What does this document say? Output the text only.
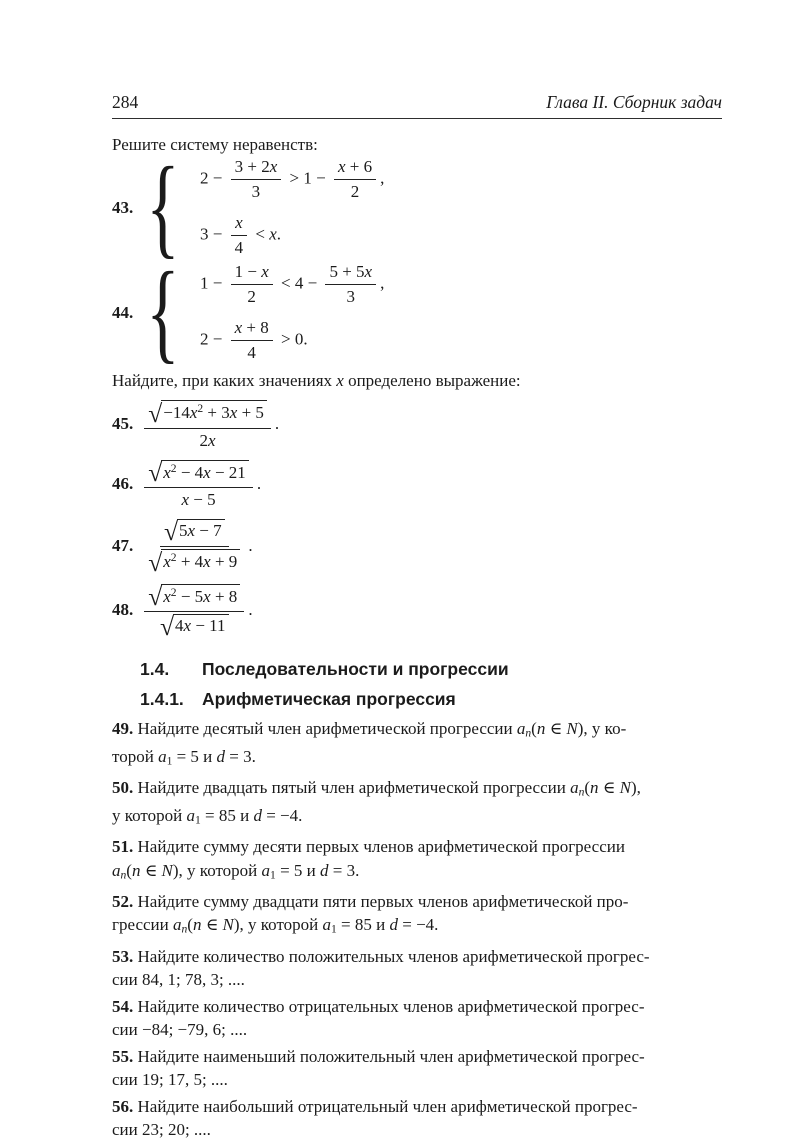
284	Глава II. Сборник задач

Решите систему неравенств:

43. { $2 - \frac{3 + 2x}{3} > 1 - \frac{x + 6}{2}$ ,
$3 - \frac{x}{4} < x$.
44. { $1 - \frac{1 - x}{2} < 4 - \frac{5 + 5x}{3}$ ,
$2 - \frac{x + 8}{4} > 0$.

Найдите, при каких значениях x определено выражение:

45. $\frac{√ -14x^2 + 3x + 5}{2x}$ .
46. $\frac{√ x^2 - 4x - 21}{x - 5}$ .
47. $\frac{√ 5x - 7}{√ x^2 + 4x + 9}$ .
48. $\frac{√ x^2 - 5x + 8}{√ 4x - 11}$ .
1.4. Последовательности и прогрессии
1.4.1. Арифметическая прогрессия

49. Найдите десятый член арифметической прогрессии $a_n(n$ ∈ N), у ко-
торой $a_1 = 5$ и d = 3.

50. Найдите двадцать пятый член арифметической прогрессии $a_n(n$ ∈ N),
у которой $a_1 = 85$ и d = −4.

51. Найдите сумму десяти первых членов арифметической прогрессии
$a_n(n$ ∈ N), у которой $a_1 = 5$ и d = 3.

52. Найдите сумму двадцати пяти первых членов арифметической про-
грессии $a_n(n$ ∈ N), у которой $a_1 = 85$ и d = −4.

53. Найдите количество положительных членов арифметической прогрес-
сии 84, 1; 78, 3; ....

54. Найдите количество отрицательных членов арифметической прогрес-
сии −84; −79, 6; ....

55. Найдите наименьший положительный член арифметической прогрес-
сии 19; 17, 5; ....

56. Найдите наибольший отрицательный член арифметической прогрес-
сии 23; 20; ....
